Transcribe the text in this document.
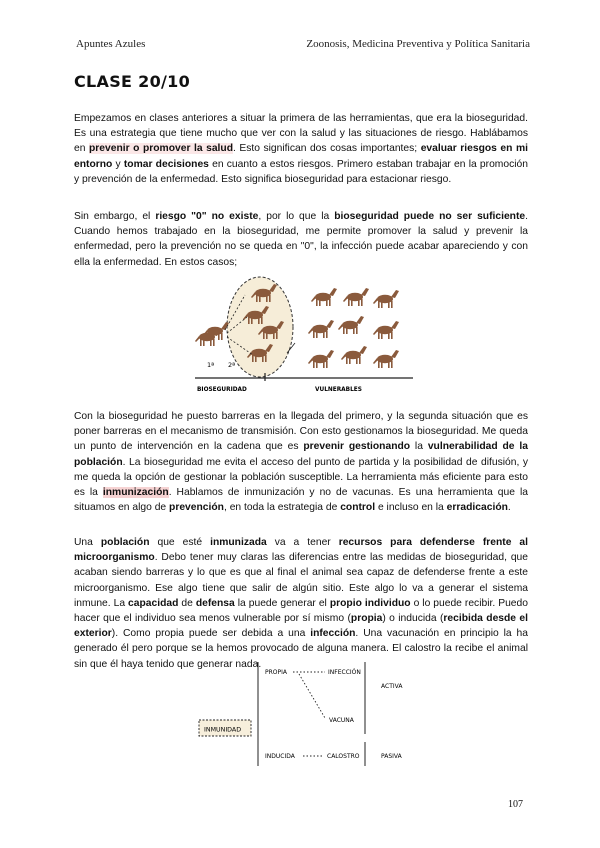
Apuntes Azules	Zoonosis, Medicina Preventiva y Política Sanitaria
CLASE 20/10

Empezamos en clases anteriores a situar la primera de las herramientas, que era la bioseguridad. Es una estrategia que tiene mucho que ver con la salud y las situaciones de riesgo. Hablábamos en prevenir o promover la salud. Esto significan dos cosas importantes; evaluar riesgos en mi entorno y tomar decisiones en cuanto a estos riesgos. Primero estaban trabajar en la promoción y prevención de la enfermedad. Esto significa bioseguridad para estacionar riesgo.

Sin embargo, el riesgo "0" no existe, por lo que la bioseguridad puede no ser suficiente. Cuando hemos trabajado en la bioseguridad, me permite promover la salud y prevenir la enfermedad, pero la prevención no se queda en "0", la infección puede acabar apareciendo y con ella la enfermedad. En estos casos;

1ª 2ª
BIOSEGURIDAD	VULNERABLES

Con la bioseguridad he puesto barreras en la llegada del primero, y la segunda situación que es poner barreras en el mecanismo de transmisión. Con esto gestionamos la bioseguridad. Me queda un punto de intervención en la cadena que es prevenir gestionando la vulnerabilidad de la población. La bioseguridad me evita el acceso del punto de partida y la posibilidad de difusión, y me queda la opción de gestionar la población susceptible. La herramienta más eficiente para esto es la inmunización. Hablamos de inmunización y no de vacunas. Es una herramienta que la situamos en algo de prevención, en toda la estrategia de control e incluso en la erradicación.

Una población que esté inmunizada va a tener recursos para defenderse frente al microorganismo. Debo tener muy claras las diferencias entre las medidas de bioseguridad, que acaban siendo barreras y lo que es que al final el animal sea capaz de defenderse frente a este microorganismo. Ese algo tiene que salir de algún sitio. Este algo lo va a generar el sistema inmune. La capacidad de defensa la puede generar el propio individuo o lo puede recibir. Puedo hacer que el individuo sea menos vulnerable por sí mismo (propia) o inducida (recibida desde el exterior). Como propia puede ser debida a una infección. Una vacunación en principio la ha generado él pero porque se la hemos provocado de alguna manera. El calostro la recibe el animal sin que él haya tenido que generar nada.

INMUNIDAD
PROPIA	INFECCIÓN
VACUNA
INDUCIDA	CALOSTRO
ACTIVA
PASIVA
107
